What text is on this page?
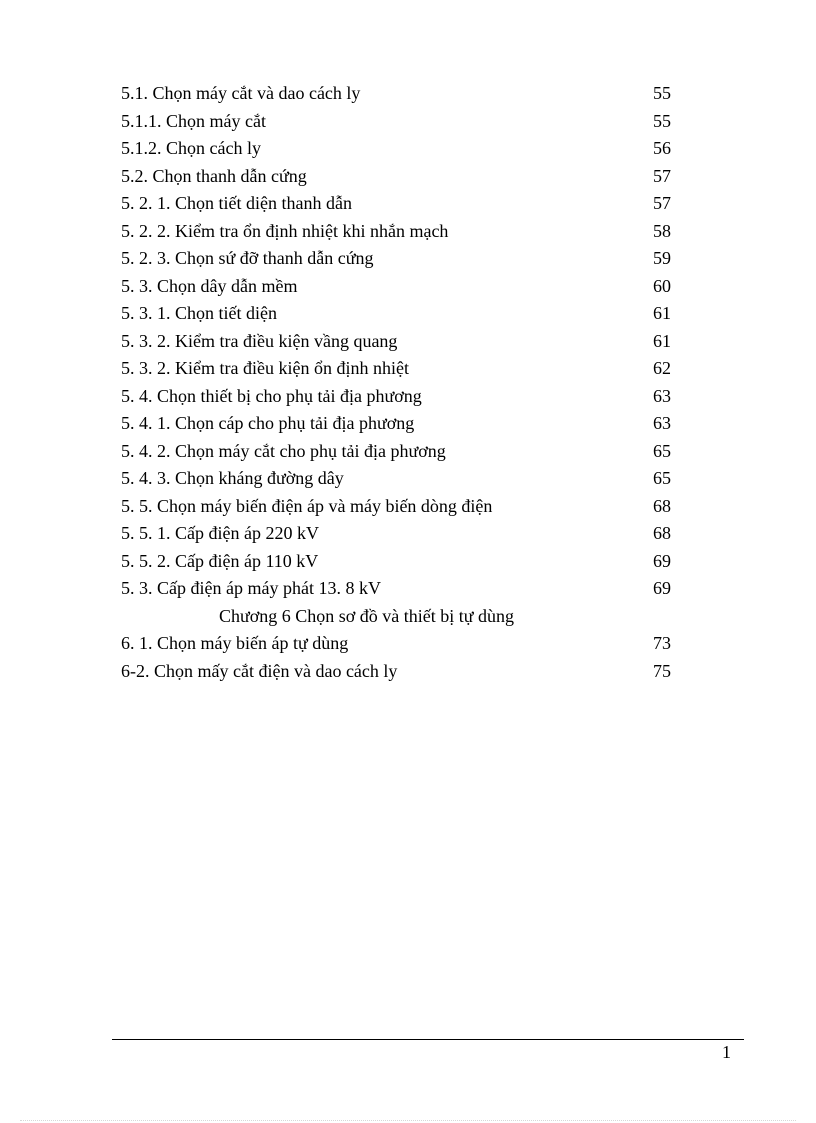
5.1. Chọn máy cắt và dao cách ly	55
5.1.1. Chọn máy cắt	55
5.1.2. Chọn cách ly	56
5.2. Chọn thanh dẫn cứng	57
5. 2. 1. Chọn tiết diện thanh dẫn	57
5. 2. 2. Kiểm tra ổn định nhiệt khi nhắn mạch	58
5. 2. 3. Chọn sứ đỡ thanh dẫn cứng	59
5. 3. Chọn dây dẫn mềm	60
5. 3. 1. Chọn tiết diện	61
5. 3. 2. Kiểm tra điều kiện vầng quang	61
5. 3. 2. Kiểm tra điều kiện ổn định nhiệt	62
5. 4. Chọn thiết bị cho phụ tải địa phương	63
5. 4. 1. Chọn cáp cho phụ tải địa phương	63
5. 4. 2. Chọn máy cắt cho phụ tải địa phương	65
5. 4. 3. Chọn kháng đường dây	65
5. 5. Chọn máy biến điện áp và máy biến dòng điện	68
5. 5. 1. Cấp điện áp 220 kV	68
5. 5. 2. Cấp điện áp 110 kV	69
5. 3. Cấp điện áp máy phát 13. 8 kV	69
Chương 6 Chọn sơ đồ và thiết bị tự dùng
6. 1. Chọn máy biến áp tự dùng	73
6-2. Chọn mấy cắt điện và dao cách ly	75
1
